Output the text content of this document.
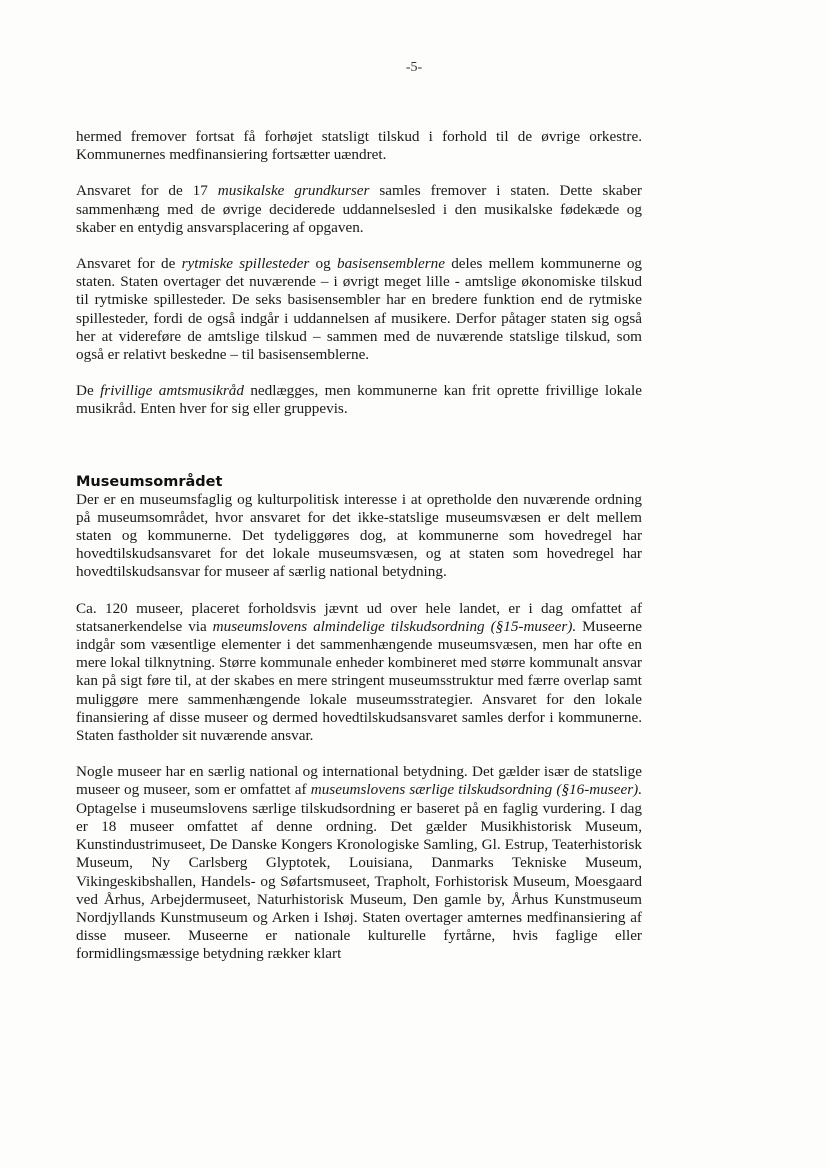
-5-

hermed fremover fortsat få forhøjet statsligt tilskud i forhold til de øvrige orkestre. Kommunernes medfinansiering fortsætter uændret.

Ansvaret for de 17 musikalske grundkurser samles fremover i staten. Dette skaber sammenhæng med de øvrige deciderede uddannelsesled i den musikalske fødekæde og skaber en entydig ansvarsplacering af opgaven.

Ansvaret for de rytmiske spillesteder og basisensemblerne deles mellem kommunerne og staten. Staten overtager det nuværende – i øvrigt meget lille - amtslige økonomiske tilskud til rytmiske spillesteder. De seks basisensembler har en bredere funktion end de rytmiske spillesteder, fordi de også indgår i uddannelsen af musikere. Derfor påtager staten sig også her at videreføre de amtslige tilskud – sammen med de nuværende statslige tilskud, som også er relativt beskedne – til basisensemblerne.

De frivillige amtsmusikråd nedlægges, men kommunerne kan frit oprette frivillige lokale musikråd. Enten hver for sig eller gruppevis.

Museumsområdet

Der er en museumsfaglig og kulturpolitisk interesse i at opretholde den nuværende ordning på museumsområdet, hvor ansvaret for det ikke-statslige museumsvæsen er delt mellem staten og kommunerne. Det tydeliggøres dog, at kommunerne som hovedregel har hovedtilskudsansvaret for det lokale museumsvæsen, og at staten som hovedregel har hovedtilskudsansvar for museer af særlig national betydning.

Ca. 120 museer, placeret forholdsvis jævnt ud over hele landet, er i dag omfattet af statsanerkendelse via museumslovens almindelige tilskudsordning (§15-museer). Museerne indgår som væsentlige elementer i det sammenhængende museumsvæsen, men har ofte en mere lokal tilknytning. Større kommunale enheder kombineret med større kommunalt ansvar kan på sigt føre til, at der skabes en mere stringent museumsstruktur med færre overlap samt muliggøre mere sammenhængende lokale museumsstrategier. Ansvaret for den lokale finansiering af disse museer og dermed hovedtilskudsansvaret samles derfor i kommunerne. Staten fastholder sit nuværende ansvar.

Nogle museer har en særlig national og international betydning. Det gælder især de statslige museer og museer, som er omfattet af museumslovens særlige tilskudsordning (§16-museer). Optagelse i museumslovens særlige tilskudsordning er baseret på en faglig vurdering. I dag er 18 museer omfattet af denne ordning. Det gælder Musikhistorisk Museum, Kunstindustrimuseet, De Danske Kongers Kronologiske Samling, Gl. Estrup, Teaterhistorisk Museum, Ny Carlsberg Glyptotek, Louisiana, Danmarks Tekniske Museum, Vikingeskibshallen, Handels- og Søfartsmuseet, Trapholt, Forhistorisk Museum, Moesgaard ved Århus, Arbejdermuseet, Naturhistorisk Museum, Den gamle by, Århus Kunstmuseum Nordjyllands Kunstmuseum og Arken i Ishøj. Staten overtager amternes medfinansiering af disse museer. Museerne er nationale kulturelle fyrtårne, hvis faglige eller formidlingsmæssige betydning rækker klart
